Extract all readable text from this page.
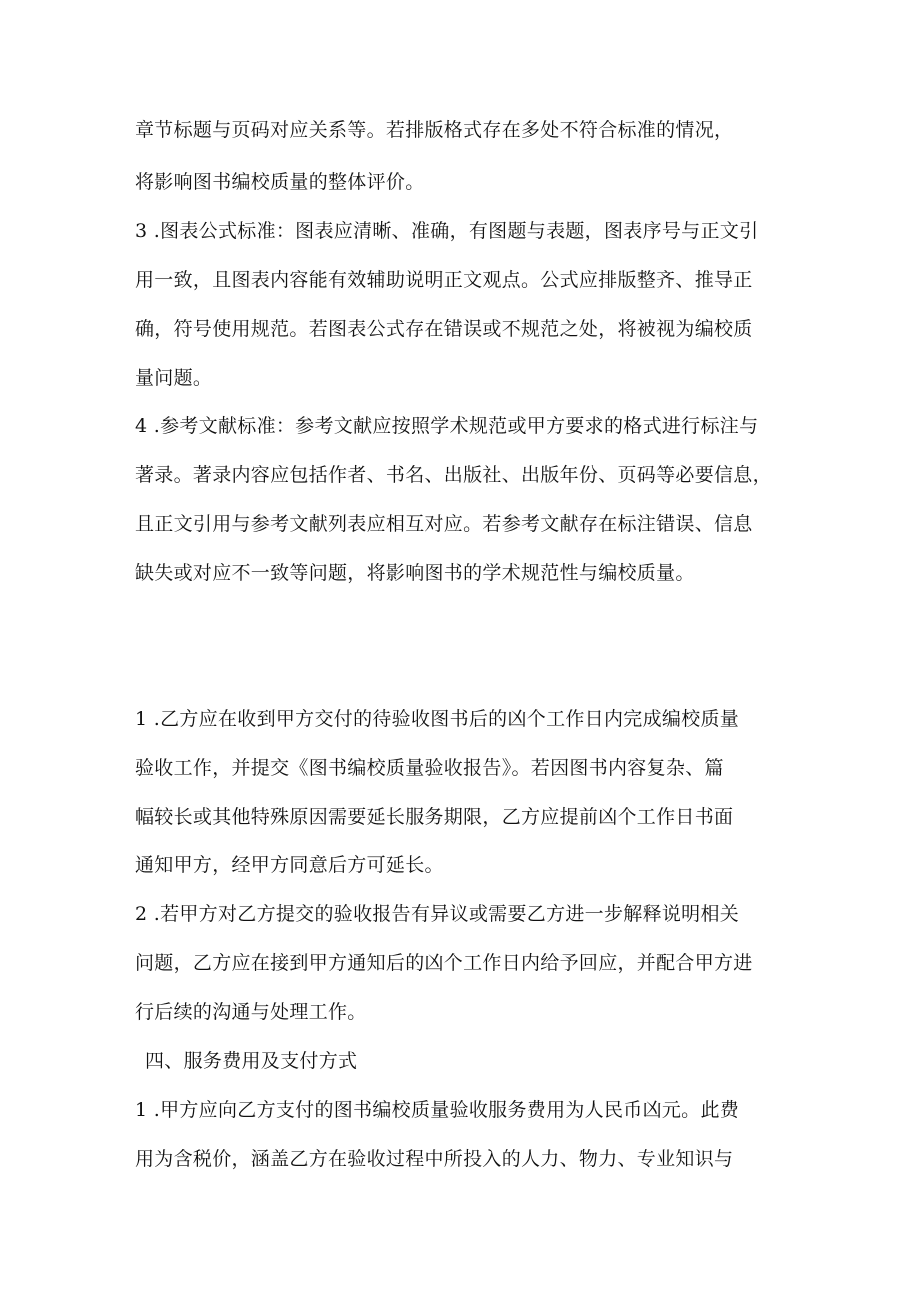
章节标题与页码对应关系等。若排版格式存在多处不符合标准的情况，
将影响图书编校质量的整体评价。
3 .图表公式标准：图表应清晰、准确，有图题与表题，图表序号与正文引
用一致，且图表内容能有效辅助说明正文观点。公式应排版整齐、推导正
确，符号使用规范。若图表公式存在错误或不规范之处，将被视为编校质
量问题。
4 .参考文献标准：参考文献应按照学术规范或甲方要求的格式进行标注与
著录。著录内容应包括作者、书名、出版社、出版年份、页码等必要信息，
且正文引用与参考文献列表应相互对应。若参考文献存在标注错误、信息
缺失或对应不一致等问题，将影响图书的学术规范性与编校质量。
1 .乙方应在收到甲方交付的待验收图书后的凶个工作日内完成编校质量
验收工作，并提交《图书编校质量验收报告》。若因图书内容复杂、篇
幅较长或其他特殊原因需要延长服务期限，乙方应提前凶个工作日书面
通知甲方，经甲方同意后方可延长。
2 .若甲方对乙方提交的验收报告有异议或需要乙方进一步解释说明相关
问题，乙方应在接到甲方通知后的凶个工作日内给予回应，并配合甲方进
行后续的沟通与处理工作。
四、服务费用及支付方式
1 .甲方应向乙方支付的图书编校质量验收服务费用为人民币凶元。此费
用为含税价，涵盖乙方在验收过程中所投入的人力、物力、专业知识与
